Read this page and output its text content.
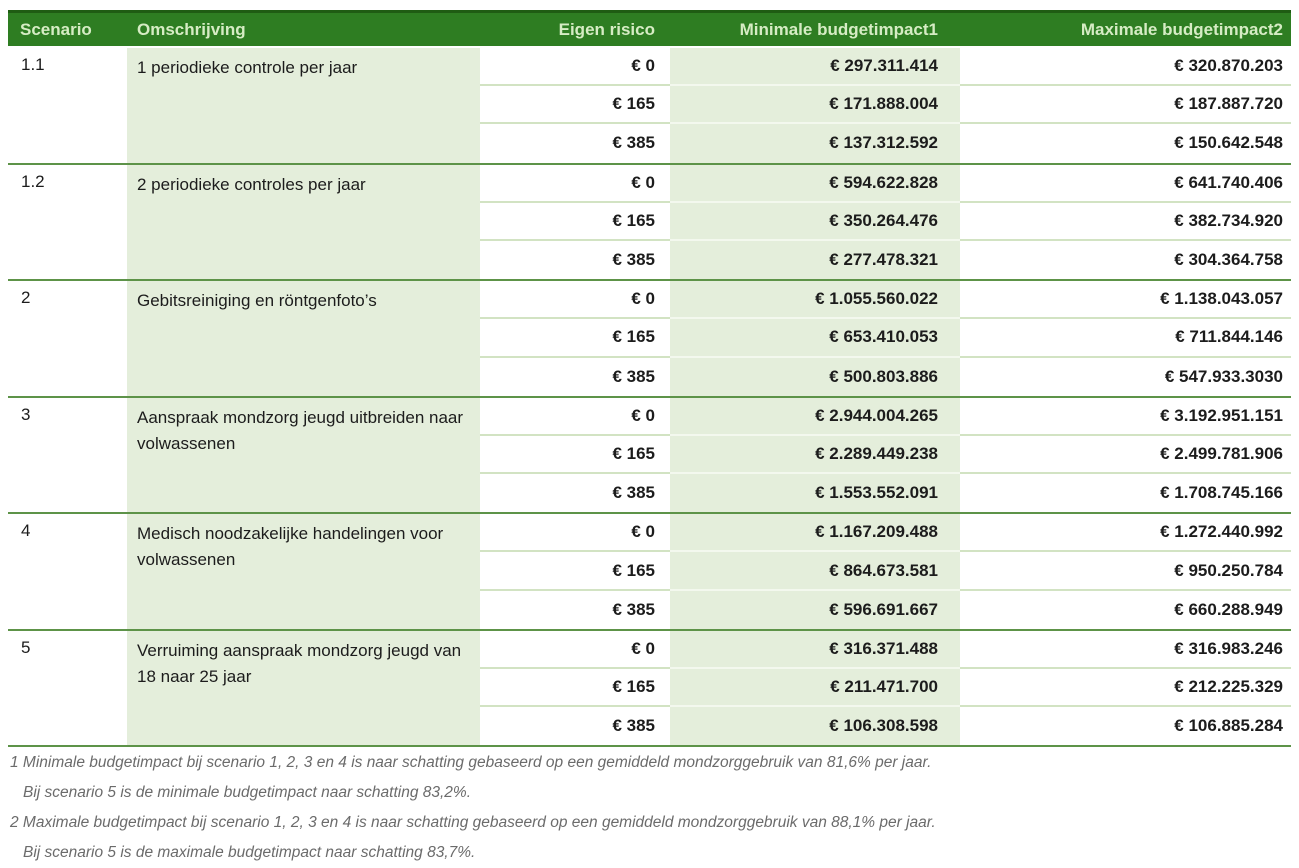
Scenario	Omschrijving	Eigen risico	Minimale budgetimpact1	Maximale budgetimpact2
1.1	1 periodieke controle per jaar	€ 0	€ 297.311.414	€ 320.870.203
€ 165	€ 171.888.004	€ 187.887.720
€ 385	€ 137.312.592	€ 150.642.548
1.2	2 periodieke controles per jaar	€ 0	€ 594.622.828	€ 641.740.406
€ 165	€ 350.264.476	€ 382.734.920
€ 385	€ 277.478.321	€ 304.364.758
2	Gebitsreiniging en röntgenfoto’s	€ 0	€ 1.055.560.022	€ 1.138.043.057
€ 165	€ 653.410.053	€ 711.844.146
€ 385	€ 500.803.886	€ 547.933.3030
3	Aanspraak mondzorg jeugd uitbreiden naar volwassenen
€ 0	€ 2.944.004.265	€ 3.192.951.151
€ 165	€ 2.289.449.238	€ 2.499.781.906
€ 385	€ 1.553.552.091	€ 1.708.745.166
4	Medisch noodzakelijke handelingen voor volwassenen
€ 0	€ 1.167.209.488	€ 1.272.440.992
€ 165	€ 864.673.581	€ 950.250.784
€ 385	€ 596.691.667	€ 660.288.949
5	Verruiming aanspraak mondzorg jeugd van 18 naar 25 jaar
€ 0	€ 316.371.488	€ 316.983.246
€ 165	€ 211.471.700	€ 212.225.329
€ 385	€ 106.308.598	€ 106.885.284
1 Minimale budgetimpact bij scenario 1, 2, 3 en 4 is naar schatting gebaseerd op een gemiddeld mondzorggebruik van 81,6% per jaar.
Bij scenario 5 is de minimale budgetimpact naar schatting 83,2%.
2 Maximale budgetimpact bij scenario 1, 2, 3 en 4 is naar schatting gebaseerd op een gemiddeld mondzorggebruik van 88,1% per jaar.
Bij scenario 5 is de maximale budgetimpact naar schatting 83,7%.
